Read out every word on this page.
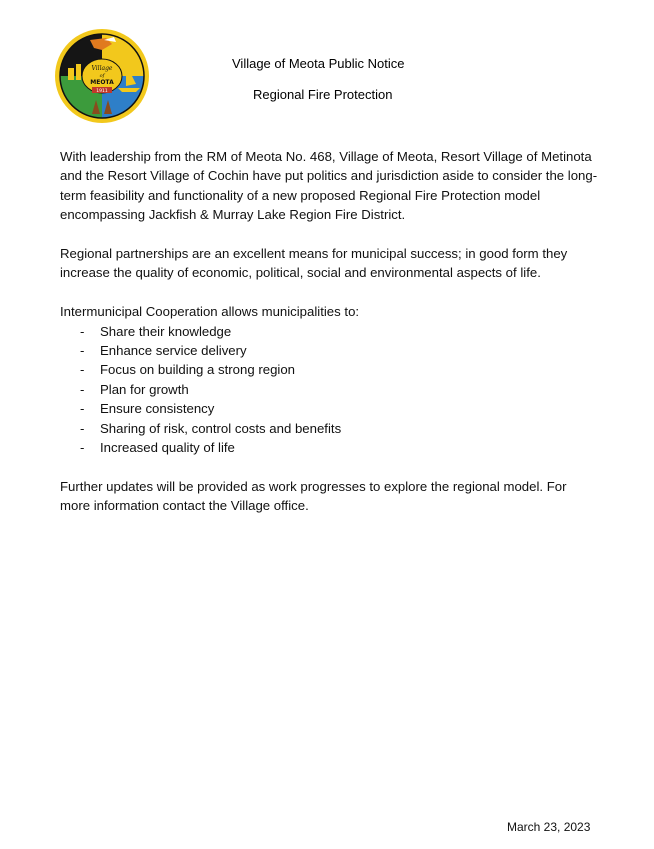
Village
of
MEOTA
1911
Village of Meota Public Notice
Regional Fire Protection

With leadership from the RM of Meota No. 468, Village of Meota, Resort Village of Metinota and the Resort Village of Cochin have put politics and jurisdiction aside to consider the long-term feasibility and functionality of a new proposed Regional Fire Protection model encompassing Jackfish & Murray Lake Region Fire District.

Regional partnerships are an excellent means for municipal success; in good form they increase the quality of economic, political, social and environmental aspects of life.

Intermunicipal Cooperation allows municipalities to:
- Share their knowledge
- Enhance service delivery
- Focus on building a strong region
- Plan for growth
- Ensure consistency
- Sharing of risk, control costs and benefits
- Increased quality of life

Further updates will be provided as work progresses to explore the regional model. For more information contact the Village office.

March 23, 2023
